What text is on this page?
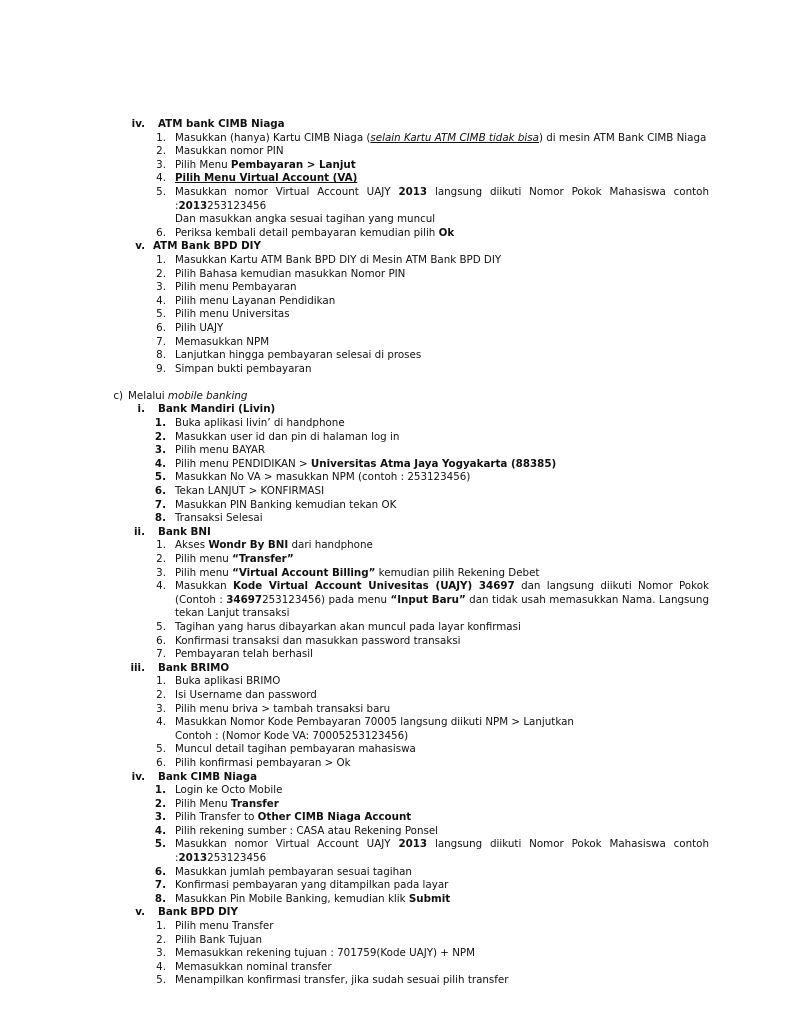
iv. ATM bank CIMB Niaga
1. Masukkan (hanya) Kartu CIMB Niaga (selain Kartu ATM CIMB tidak bisa) di mesin ATM Bank CIMB Niaga
2. Masukkan nomor PIN
3. Pilih Menu Pembayaran > Lanjut
4. Pilih Menu Virtual Account (VA)
5. Masukkan nomor Virtual Account UAJY 2013 langsung diikuti Nomor Pokok Mahasiswa contoh
:2013253123456
Dan masukkan angka sesuai tagihan yang muncul
6. Periksa kembali detail pembayaran kemudian pilih Ok
v. ATM Bank BPD DIY
1. Masukkan Kartu ATM Bank BPD DIY di Mesin ATM Bank BPD DIY
2. Pilih Bahasa kemudian masukkan Nomor PIN
3. Pilih menu Pembayaran
4. Pilih menu Layanan Pendidikan
5. Pilih menu Universitas
6. Pilih UAJY
7. Memasukkan NPM
8. Lanjutkan hingga pembayaran selesai di proses
9. Simpan bukti pembayaran
c) Melalui mobile banking
i. Bank Mandiri (Livin)
1. Buka aplikasi livin’ di handphone
2. Masukkan user id dan pin di halaman log in
3. Pilih menu BAYAR
4. Pilih menu PENDIDIKAN > Universitas Atma Jaya Yogyakarta (88385)
5. Masukkan No VA > masukkan NPM (contoh : 253123456)
6. Tekan LANJUT > KONFIRMASI
7. Masukkan PIN Banking kemudian tekan OK
8. Transaksi Selesai
ii. Bank BNI
1. Akses Wondr By BNI dari handphone
2. Pilih menu “Transfer”
3. Pilih menu “Virtual Account Billing” kemudian pilih Rekening Debet
4. Masukkan Kode Virtual Account Univesitas (UAJY) 34697 dan langsung diikuti Nomor Pokok
(Contoh : 34697253123456) pada menu “Input Baru” dan tidak usah memasukkan Nama. Langsung
tekan Lanjut transaksi
5. Tagihan yang harus dibayarkan akan muncul pada layar konfirmasi
6. Konfirmasi transaksi dan masukkan password transaksi
7. Pembayaran telah berhasil
iii. Bank BRIMO
1. Buka aplikasi BRIMO
2. Isi Username dan password
3. Pilih menu briva > tambah transaksi baru
4. Masukkan Nomor Kode Pembayaran 70005 langsung diikuti NPM > Lanjutkan
Contoh : (Nomor Kode VA: 70005253123456)
5. Muncul detail tagihan pembayaran mahasiswa
6. Pilih konfirmasi pembayaran > Ok
iv. Bank CIMB Niaga
1. Login ke Octo Mobile
2. Pilih Menu Transfer
3. Pilih Transfer to Other CIMB Niaga Account
4. Pilih rekening sumber : CASA atau Rekening Ponsel
5. Masukkan nomor Virtual Account UAJY 2013 langsung diikuti Nomor Pokok Mahasiswa contoh
:2013253123456
6. Masukkan jumlah pembayaran sesuai tagihan
7. Konfirmasi pembayaran yang ditampilkan pada layar
8. Masukkan Pin Mobile Banking, kemudian klik Submit
v. Bank BPD DIY
1. Pilih menu Transfer
2. Pilih Bank Tujuan
3. Memasukkan rekening tujuan : 701759(Kode UAJY) + NPM
4. Memasukkan nominal transfer
5. Menampilkan konfirmasi transfer, jika sudah sesuai pilih transfer
